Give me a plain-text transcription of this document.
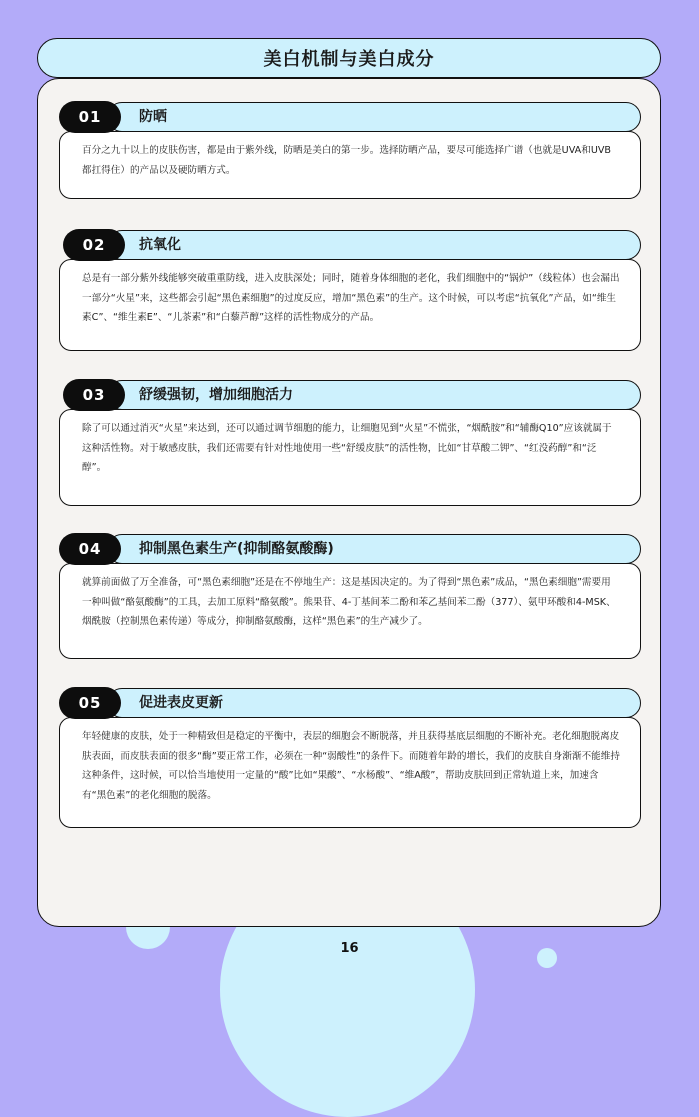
美白机制与美白成分
01	防晒
百分之九十以上的皮肤伤害，都是由于紫外线，防晒是美白的第一步。选择防晒产品，要尽可能选择广谱（也就是UVA和UVB都扛得住）的产品以及硬防晒方式。
02	抗氧化
总是有一部分紫外线能够突破重重防线，进入皮肤深处；同时，随着身体细胞的老化，我们细胞中的“锅炉”（线粒体）也会漏出一部分“火星”来，这些都会引起“黑色素细胞”的过度反应，增加“黑色素”的生产。这个时候，可以考虑“抗氧化”产品，如“维生素C”、“维生素E”、“儿茶素”和“白藜芦醇”这样的活性物成分的产品。
03	舒缓强韧，增加细胞活力
除了可以通过消灭“火星”来达到，还可以通过调节细胞的能力，让细胞见到“火星”不慌张，“烟酰胺”和“辅酶Q10”应该就属于这种活性物。对于敏感皮肤，我们还需要有针对性地使用一些“舒缓皮肤”的活性物，比如“甘草酸二钾”、“红没药醇”和“泛醇”。
04	抑制黑色素生产(抑制酪氨酸酶)
就算前面做了万全准备，可“黑色素细胞”还是在不停地生产：这是基因决定的。为了得到“黑色素”成品，“黑色素细胞”需要用一种叫做“酪氨酸酶”的工具，去加工原料“酪氨酸”。熊果苷、4-丁基间苯二酚和苯乙基间苯二酚（377）、氨甲环酸和4-MSK、烟酰胺（控制黑色素传递）等成分，抑制酪氨酸酶，这样“黑色素”的生产减少了。
05	促进表皮更新
年轻健康的皮肤，处于一种精致但是稳定的平衡中，表层的细胞会不断脱落，并且获得基底层细胞的不断补充。老化细胞脱离皮肤表面，而皮肤表面的很多“酶”要正常工作，必须在一种“弱酸性”的条件下。而随着年龄的增长，我们的皮肤自身渐渐不能维持这种条件，这时候，可以恰当地使用一定量的“酸”比如“果酸”、“水杨酸”、“维A酸”，帮助皮肤回到正常轨道上来，加速含有“黑色素”的老化细胞的脱落。
16
